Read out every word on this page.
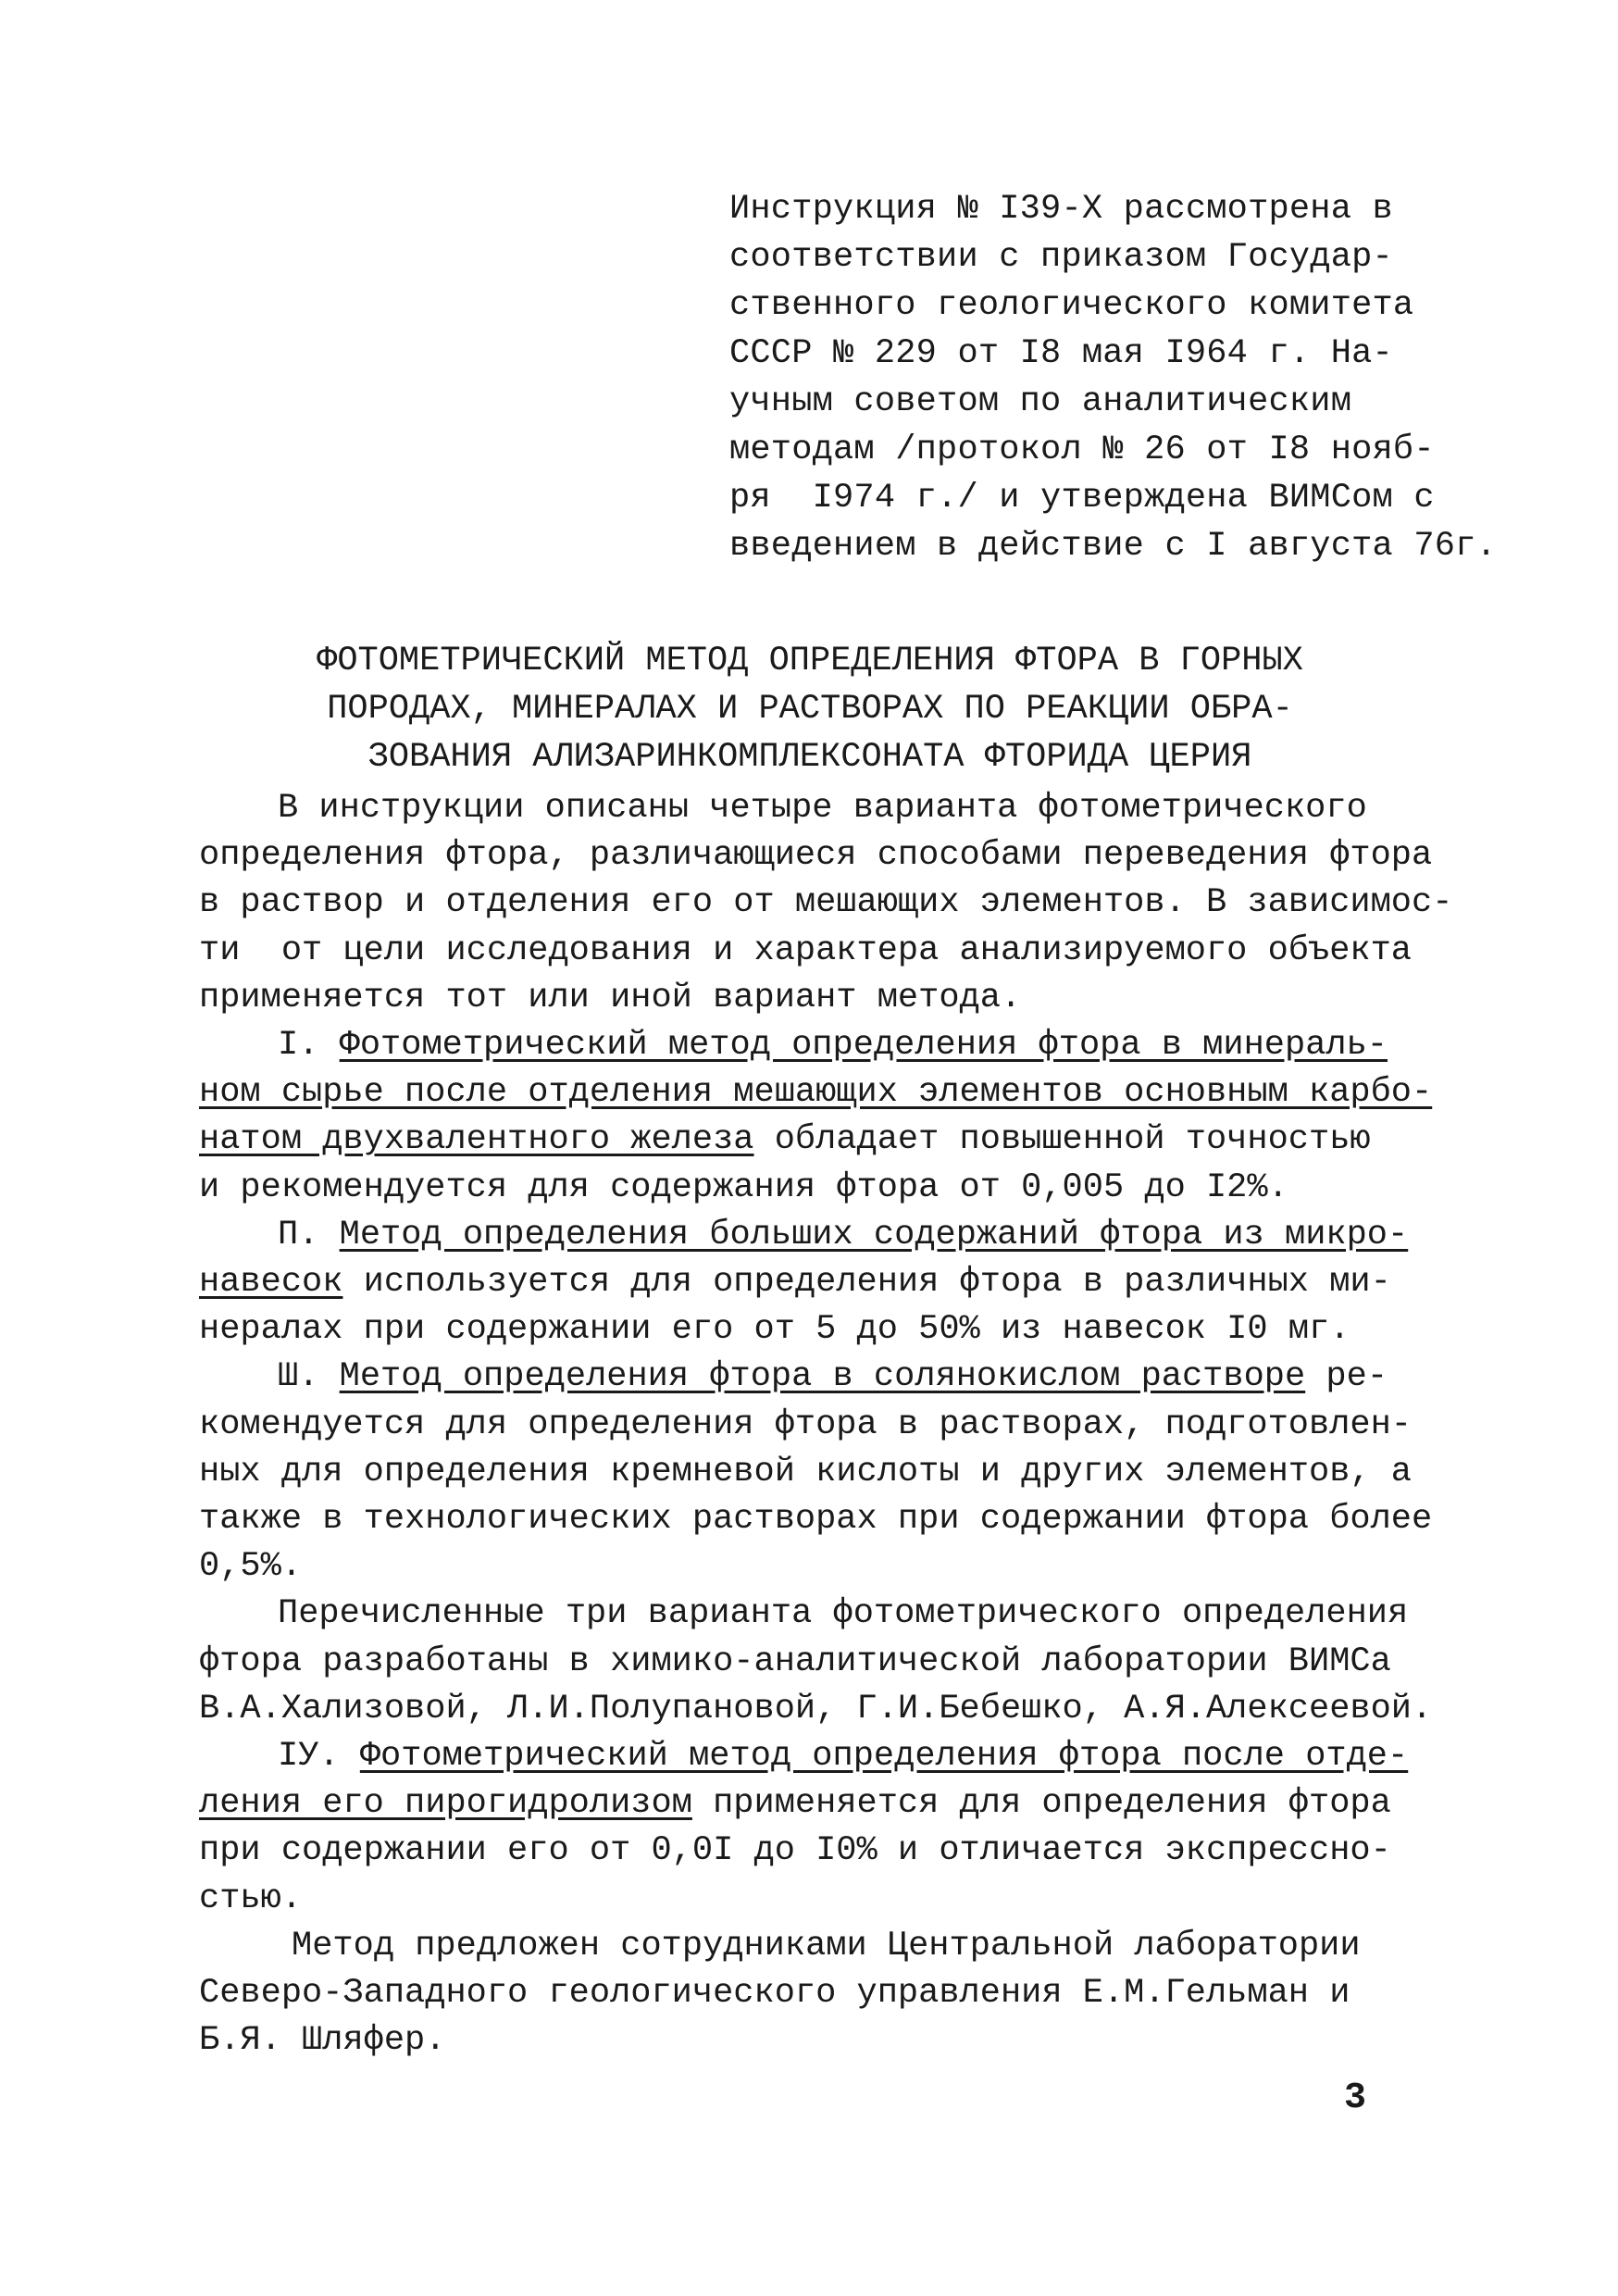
Инструкция № I39-Х рассмотрена в
соответствии с приказом Государ-
ственного геологического комитета
СССР № 229 от I8 мая I964 г. На-
учным советом по аналитическим
методам /протокол № 26 от I8 нояб-
ря  I974 г./ и утверждена ВИМСом с
введением в действие с I августа 76г.
ФОТОМЕТРИЧЕСКИЙ МЕТОД ОПРЕДЕЛЕНИЯ ФТОРА В ГОРНЫХ
ПОРОДАХ, МИНЕРАЛАХ И РАСТВОРАХ ПО РЕАКЦИИ ОБРА-
ЗОВАНИЯ АЛИЗАРИНКОМПЛЕКСОНАТА ФТОРИДА ЦЕРИЯ
В инструкции описаны четыре варианта фотометрического
определения фтора, различающиеся способами переведения фтора
в раствор и отделения его от мешающих элементов. В зависимос-
ти  от цели исследования и характера анализируемого объекта
применяется тот или иной вариант метода.
I. Фотометрический метод определения фтора в минераль-
ном сырье после отделения мешающих элементов основным карбо-
натом двухвалентного железа обладает повышенной точностью
и рекомендуется для содержания фтора от 0,005 до I2%.
П. Метод определения больших содержаний фтора из микро-
навесок используется для определения фтора в различных ми-
нералах при содержании его от 5 до 50% из навесок I0 мг.
Ш. Метод определения фтора в солянокислом растворе ре-
комендуется для определения фтора в растворах, подготовлен-
ных для определения кремневой кислоты и других элементов, а
также в технологических растворах при содержании фтора более
0,5%.
Перечисленные три варианта фотометрического определения
фтора разработаны в химико-аналитической лаборатории ВИМСа
В.А.Хализовой, Л.И.Полупановой, Г.И.Бебешко, А.Я.Алексеевой.
IУ. Фотометрический метод определения фтора после отде-
ления его пирогидролизом применяется для определения фтора
при содержании его от 0,0I до I0% и отличается экспрессно-
стью.
Метод предложен сотрудниками Центральной лаборатории
Северо-Западного геологического управления Е.М.Гельман и
Б.Я. Шляфер.
3
